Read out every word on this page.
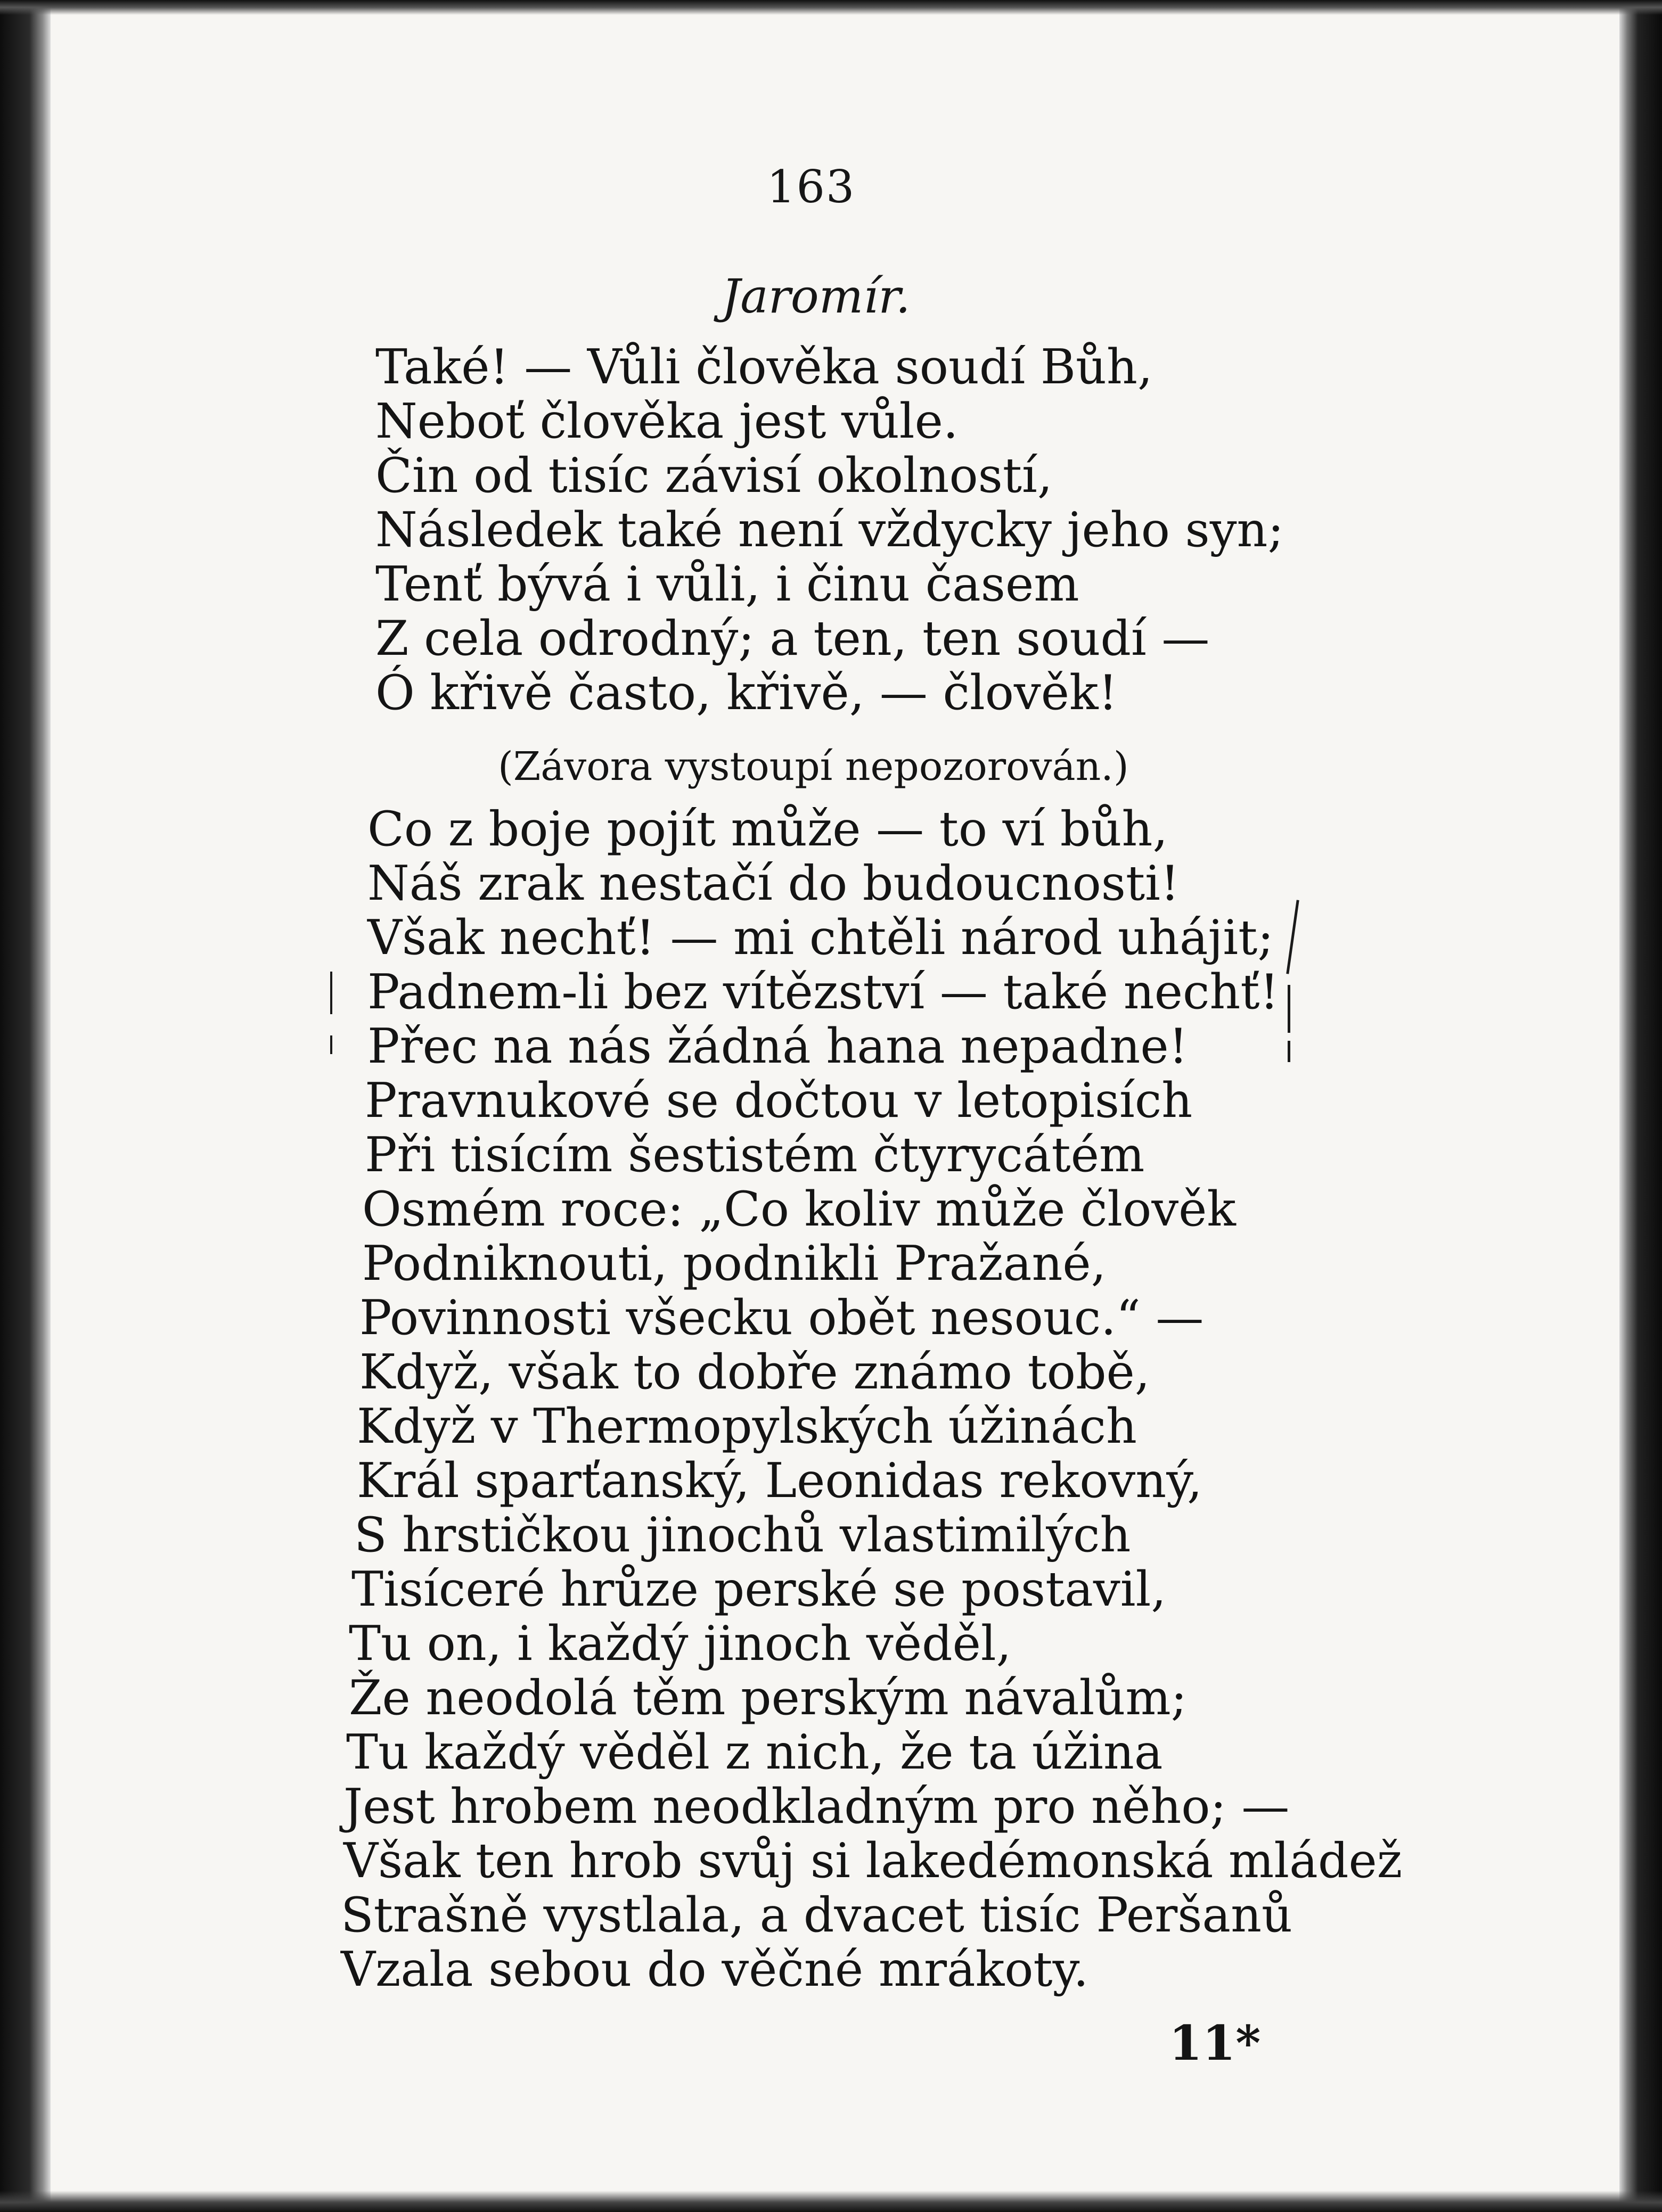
163
Jaromír.
Také! — Vůli člověka soudí Bůh,
Neboť člověka jest vůle.
Čin od tisíc závisí okolností,
Následek také není vždycky jeho syn;
Tenť bývá i vůli, i činu časem
Z cela odrodný; a ten, ten soudí —
Ó křivě často, křivě, — člověk!
(Závora vystoupí nepozorován.)
Co z boje pojít může — to ví bůh,
Náš zrak nestačí do budoucnosti!
Však nechť! — mi chtěli národ uhájit;
Padnem-li bez vítězství — také nechť!
Přec na nás žádná hana nepadne!
Pravnukové se dočtou v letopisích
Při tisícím šestistém čtyrycátém
Osmém roce: „Co koliv může člověk
Podniknouti, podnikli Pražané,
Povinnosti všecku obět nesouc.“ —
Když, však to dobře známo tobě,
Když v Thermopylských úžinách
Král sparťanský, Leonidas rekovný,
S hrstičkou jinochů vlastimilých
Tisíceré hrůze perské se postavil,
Tu on, i každý jinoch věděl,
Že neodolá těm perským návalům;
Tu každý věděl z nich, že ta úžina
Jest hrobem neodkladným pro něho; —
Však ten hrob svůj si lakedémonská mládež
Strašně vystlala, a dvacet tisíc Peršanů
Vzala sebou do věčné mrákoty.
11*
